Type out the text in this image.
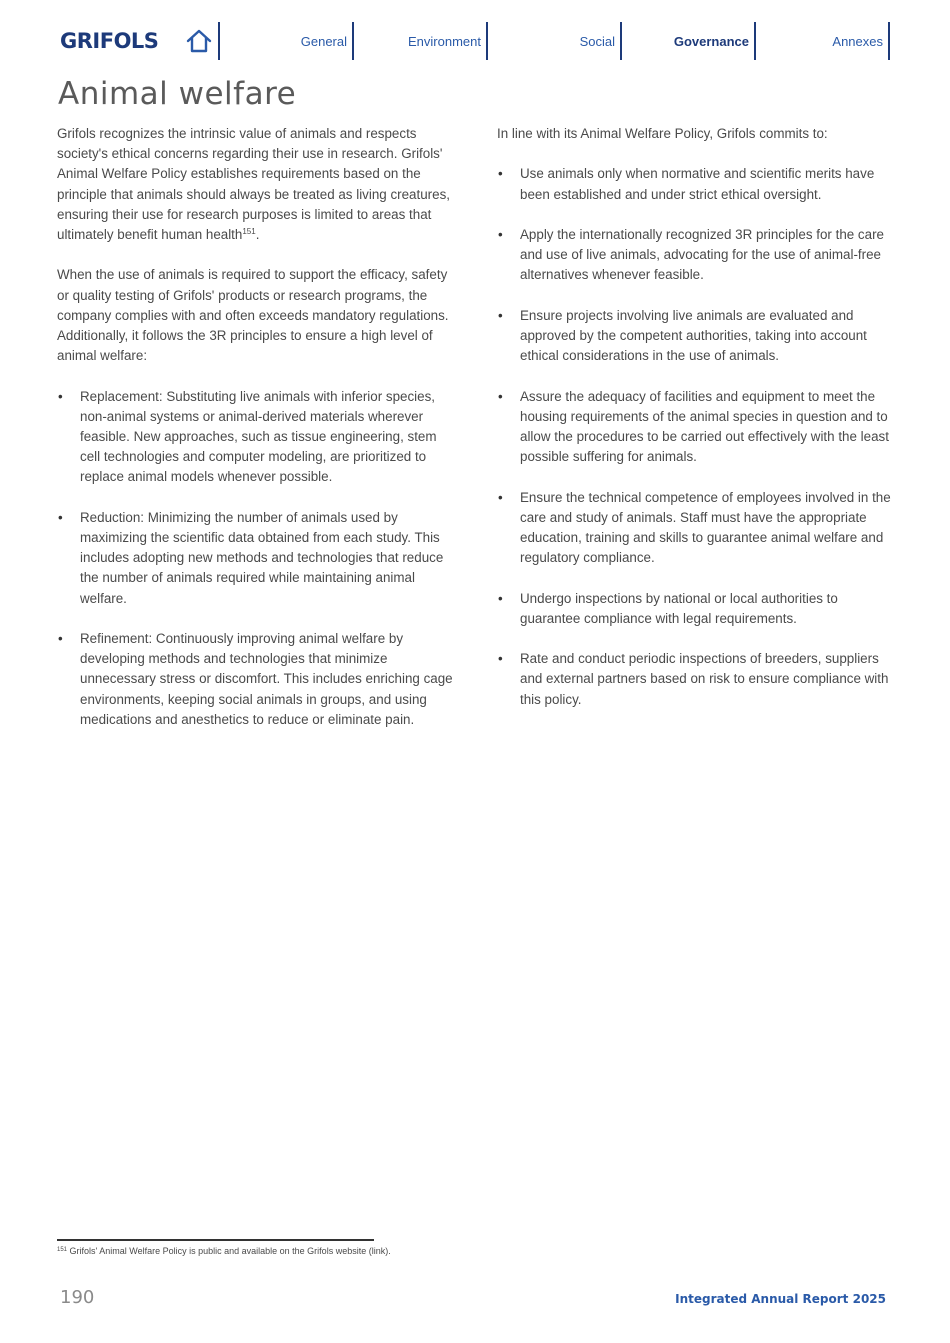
GRIFOLS	General	Environment	Social	Governance	Annexes
Animal welfare

Grifols recognizes the intrinsic value of animals and respects society's ethical concerns regarding their use in research. Grifols' Animal Welfare Policy establishes requirements based on the principle that animals should always be treated as living creatures, ensuring their use for research purposes is limited to areas that ultimately benefit human health$^{151}$.

When the use of animals is required to support the efficacy, safety or quality testing of Grifols' products or research programs, the company complies with and often exceeds mandatory regulations. Additionally, it follows the 3R principles to ensure a high level of animal welfare:

• Replacement: Substituting live animals with inferior species, non-animal systems or animal-derived materials wherever feasible. New approaches, such as tissue engineering, stem cell technologies and computer modeling, are prioritized to replace animal models whenever possible.
• Reduction: Minimizing the number of animals used by maximizing the scientific data obtained from each study. This includes adopting new methods and technologies that reduce the number of animals required while maintaining animal welfare.
• Refinement: Continuously improving animal welfare by developing methods and technologies that minimize unnecessary stress or discomfort. This includes enriching cage environments, keeping social animals in groups, and using medications and anesthetics to reduce or eliminate pain.

In line with its Animal Welfare Policy, Grifols commits to:

• Use animals only when normative and scientific merits have been established and under strict ethical oversight.
• Apply the internationally recognized 3R principles for the care and use of live animals, advocating for the use of animal-free alternatives whenever feasible.
• Ensure projects involving live animals are evaluated and approved by the competent authorities, taking into account ethical considerations in the use of animals.
• Assure the adequacy of facilities and equipment to meet the housing requirements of the animal species in question and to allow the procedures to be carried out effectively with the least possible suffering for animals.
• Ensure the technical competence of employees involved in the care and study of animals. Staff must have the appropriate education, training and skills to guarantee animal welfare and regulatory compliance.
• Undergo inspections by national or local authorities to guarantee compliance with legal requirements.
• Rate and conduct periodic inspections of breeders, suppliers and external partners based on risk to ensure compliance with this policy.
$^{151}$ Grifols' Animal Welfare Policy is public and available on the Grifols website (link).
190	Integrated Annual Report 2025
